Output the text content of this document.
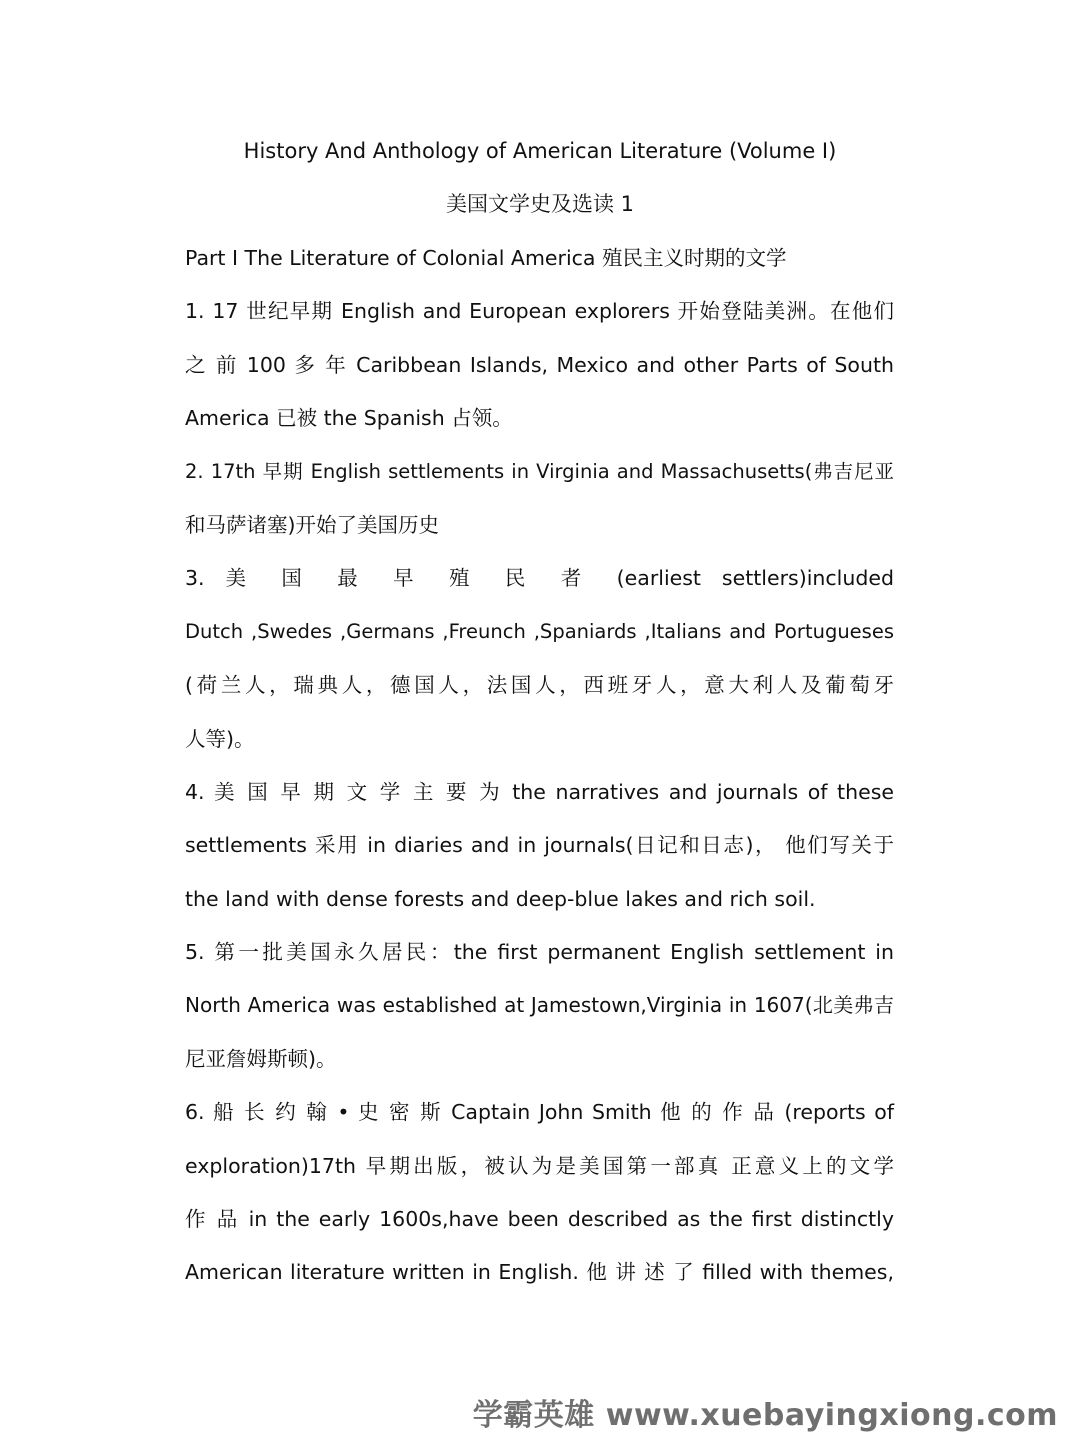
History And Anthology of American Literature (Volume Ⅰ)
美国文学史及选读 1
Part Ⅰ The Literature of Colonial America 殖民主义时期的文学
1. 17 世纪早期 English and European explorers 开始登陆美洲。在他们
之 前 100 多 年 Caribbean Islands, Mexico and other Parts of South
America 已被 the Spanish 占领。
2. 17th 早期 English settlements in Virginia and Massachusetts(弗吉尼亚
和马萨诸塞)开始了美国历史
3. 美 国 最 早 殖 民 者 (earliest settlers)included
Dutch ,Swedes ,Germans ,Freunch ,Spaniards ,Italians and Portugueses
(荷兰人，瑞典人，德国人，法国人，西班牙人，意大利人及葡萄牙
人等)。
4. 美 国 早 期 文 学 主 要 为 the narratives and journals of these
settlements 采用 in diaries and in journals(日记和日志)， 他们写关于
the land with dense forests and deep-blue lakes and rich soil.
5. 第一批美国永久居民：the first permanent English settlement in
North America was established at Jamestown,Virginia in 1607(北美弗吉
尼亚詹姆斯顿)。
6. 船 长 约 翰 • 史 密 斯 Captain John Smith 他 的 作 品 (reports of
exploration)17th 早期出版，被认为是美国第一部真 正意义上的文学
作 品 in the early 1600s,have been described as the first distinctly
American literature written in English. 他 讲 述 了 filled with themes,
学霸英雄 www.xuebayingxiong.com
